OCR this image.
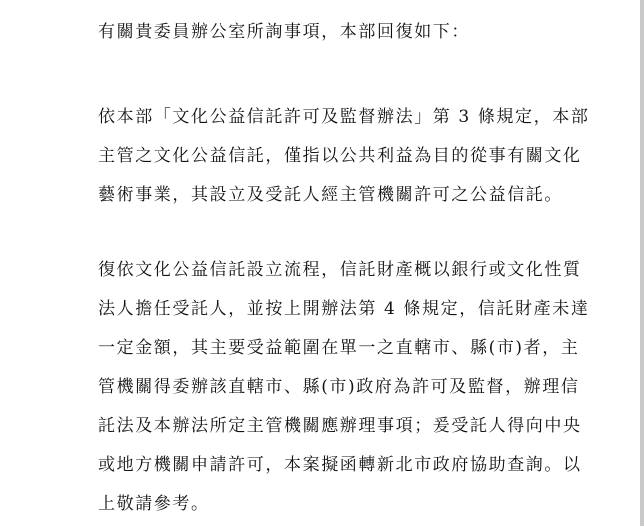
有關貴委員辦公室所詢事項，本部回復如下：
依本部「文化公益信託許可及監督辦法」第 3 條規定，本部
主管之文化公益信託，僅指以公共利益為目的從事有關文化
藝術事業，其設立及受託人經主管機關許可之公益信託。
復依文化公益信託設立流程，信託財產概以銀行或文化性質
法人擔任受託人，並按上開辦法第 4 條規定，信託財產未達
一定金額，其主要受益範圍在單一之直轄市、縣(市)者，主
管機關得委辦該直轄市、縣(市)政府為許可及監督，辦理信
託法及本辦法所定主管機關應辦理事項；爰受託人得向中央
或地方機關申請許可，本案擬函轉新北市政府協助查詢。以
上敬請參考。
